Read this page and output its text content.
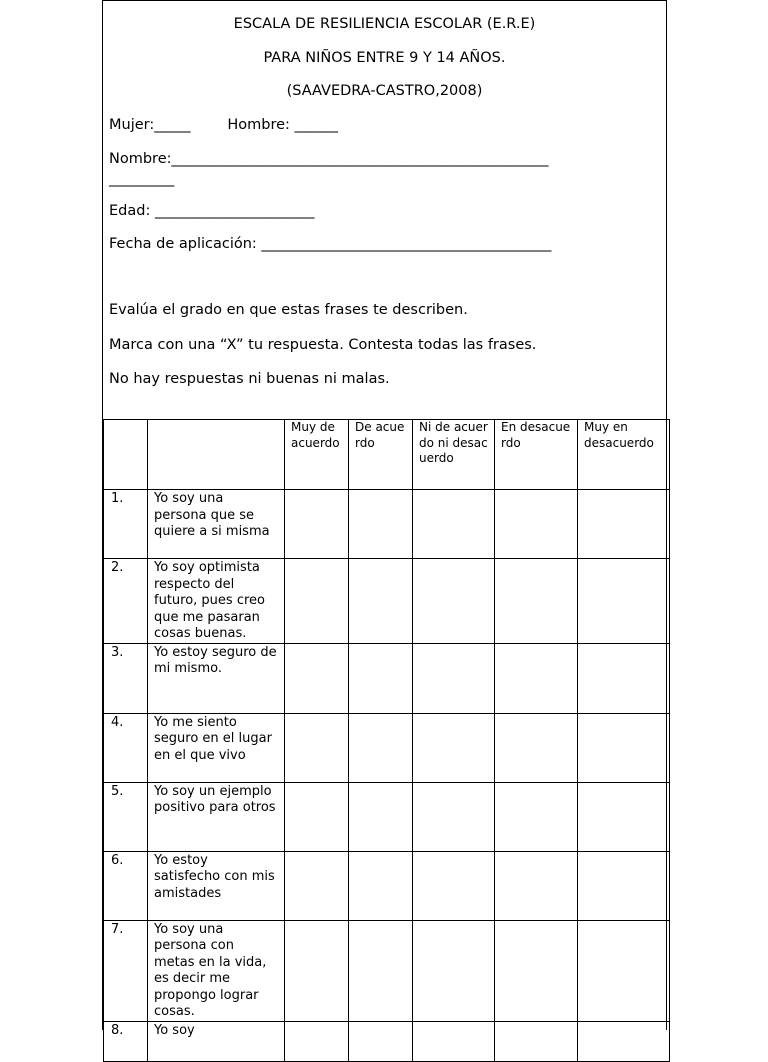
ESCALA DE RESILIENCIA ESCOLAR (E.R.E)
PARA NIÑOS ENTRE 9 Y 14 AÑOS.
(SAAVEDRA-CASTRO,2008)
Mujer:_____        Hombre: ______
Nombre:____________________________________________________
_________
Edad: ______________________
Fecha de aplicación: ________________________________________
Evalúa el grado en que estas frases te describen.
Marca con una “X” tu respuesta. Contesta todas las frases.
No hay respuestas ni buenas ni malas.
		Muy de acuerdo	De acuerdo	Ni de acuerdo ni desacuerdo	En desacuerdo	Muy en desacuerdo
1.	Yo soy una persona que se quiere a si misma					
2.	Yo soy optimista respecto del futuro, pues creo que me pasaran cosas buenas.					
3.	Yo estoy seguro de mi mismo.					
4.	Yo me siento seguro en el lugar en el que vivo					
5.	Yo soy un ejemplo positivo para otros					
6.	Yo estoy satisfecho con mis amistades					
7.	Yo soy una persona con metas en la vida, es decir me propongo lograr cosas.					
8.	Yo soy					
